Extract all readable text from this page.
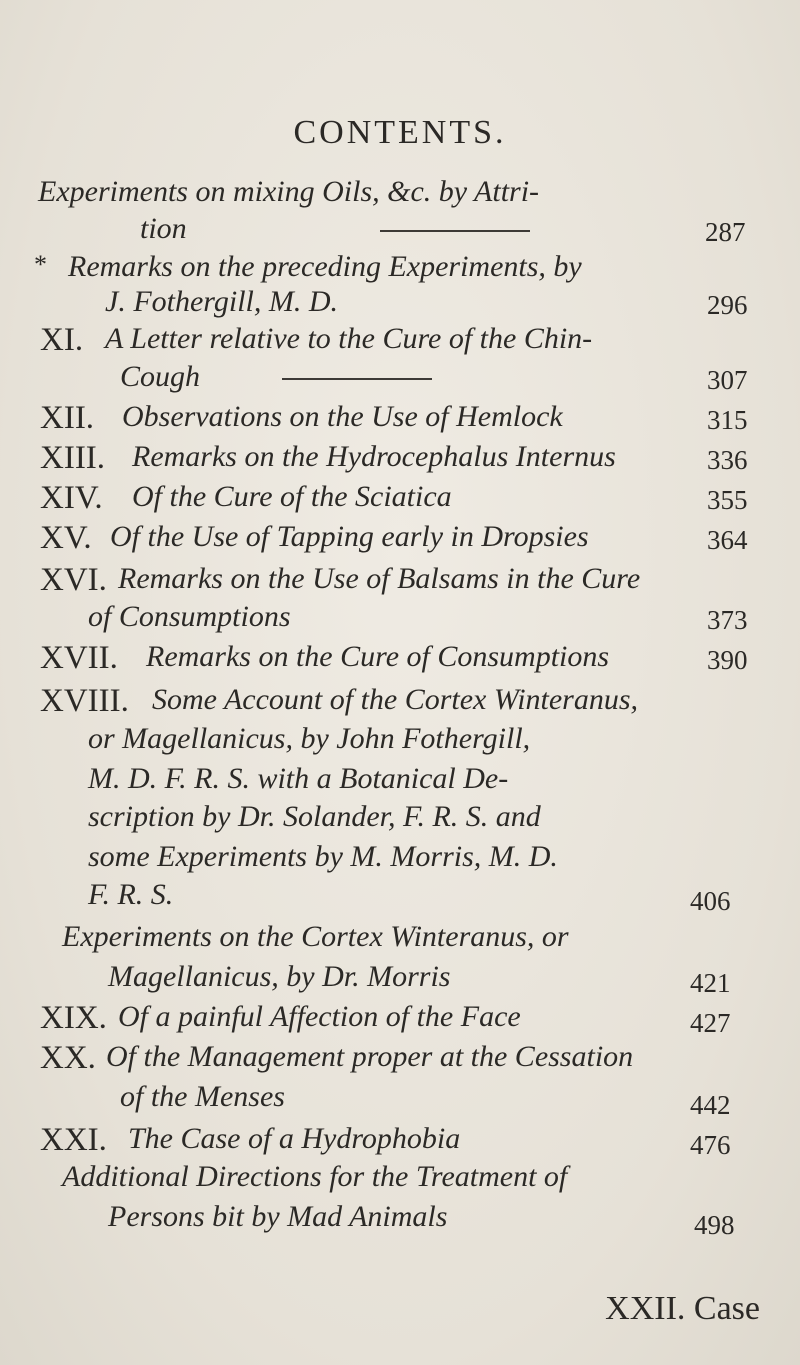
CONTENTS.
Experiments on mixing Oils, &c. by Attri-
tion	287
* Remarks on the preceding Experiments, by
J. Fothergill, M. D.	296
XI. A Letter relative to the Cure of the Chin-
Cough	307
XII. Observations on the Use of Hemlock	315
XIII. Remarks on the Hydrocephalus Internus	336
XIV. Of the Cure of the Sciatica	355
XV. Of the Use of Tapping early in Dropsies	364
XVI. Remarks on the Use of Balsams in the Cure
of Consumptions	373
XVII. Remarks on the Cure of Consumptions	390
XVIII. Some Account of the Cortex Winteranus,
or Magellanicus, by John Fothergill,
M. D. F. R. S. with a Botanical De-
scription by Dr. Solander, F. R. S. and
some Experiments by M. Morris, M. D.
F. R. S.	406
Experiments on the Cortex Winteranus, or
Magellanicus, by Dr. Morris	421
XIX. Of a painful Affection of the Face	427
XX. Of the Management proper at the Cessation
of the Menses	442
XXI. The Case of a Hydrophobia	476
Additional Directions for the Treatment of
Persons bit by Mad Animals	498
XXII. Case
